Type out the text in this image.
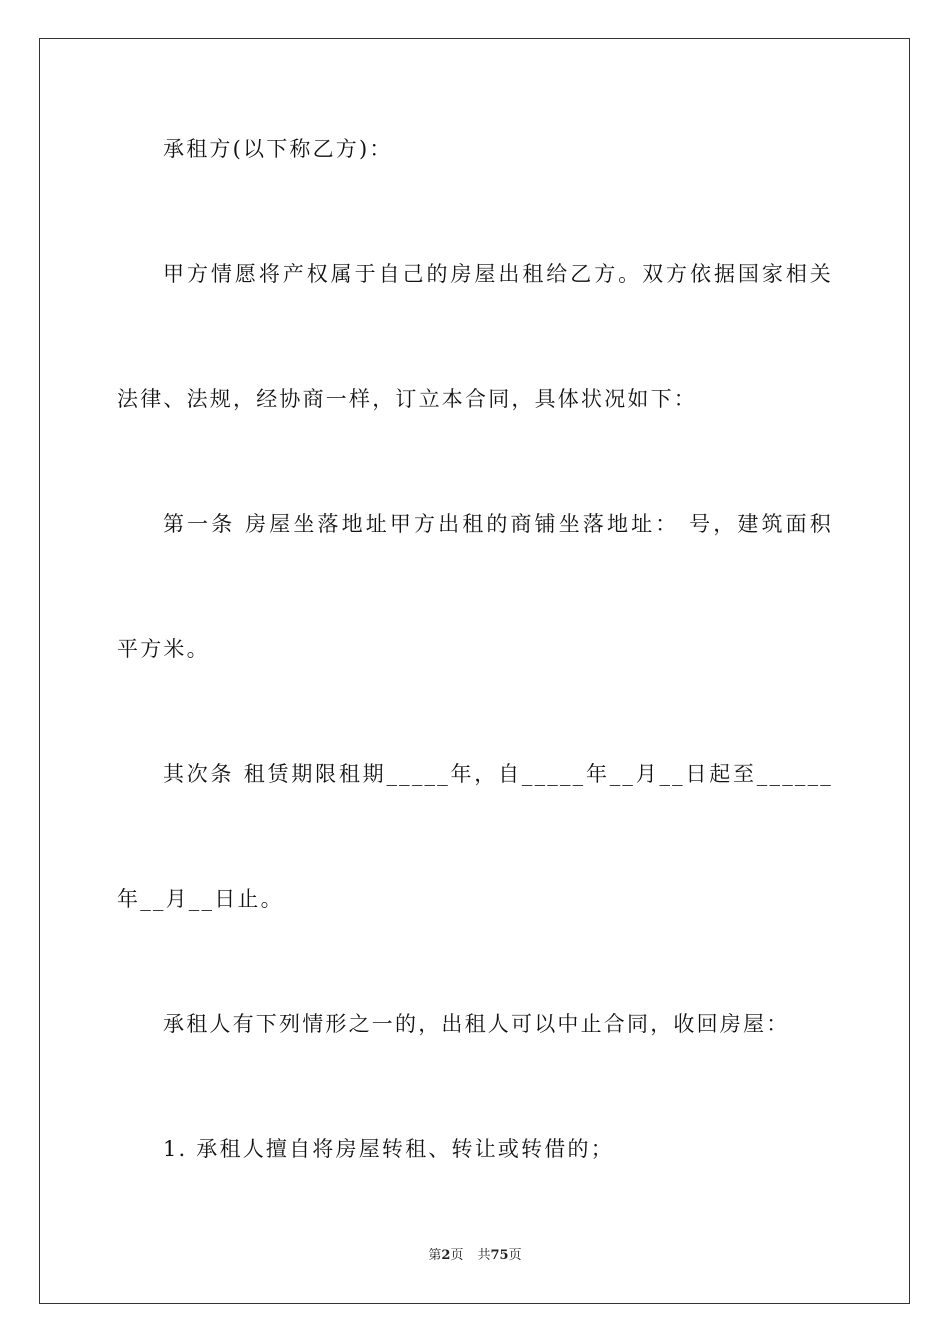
承租方(以下称乙方)：
甲方情愿将产权属于自己的房屋出租给乙方。双方依据国家相关
法律、法规，经协商一样，订立本合同，具体状况如下：
第一条 房屋坐落地址甲方出租的商铺坐落地址： 号，建筑面积
平方米。
其次条 租赁期限租期_____年，自_____年__月__日起至______
年__月__日止。
承租人有下列情形之一的，出租人可以中止合同，收回房屋：
1. 承租人擅自将房屋转租、转让或转借的；
第2页 共75页
